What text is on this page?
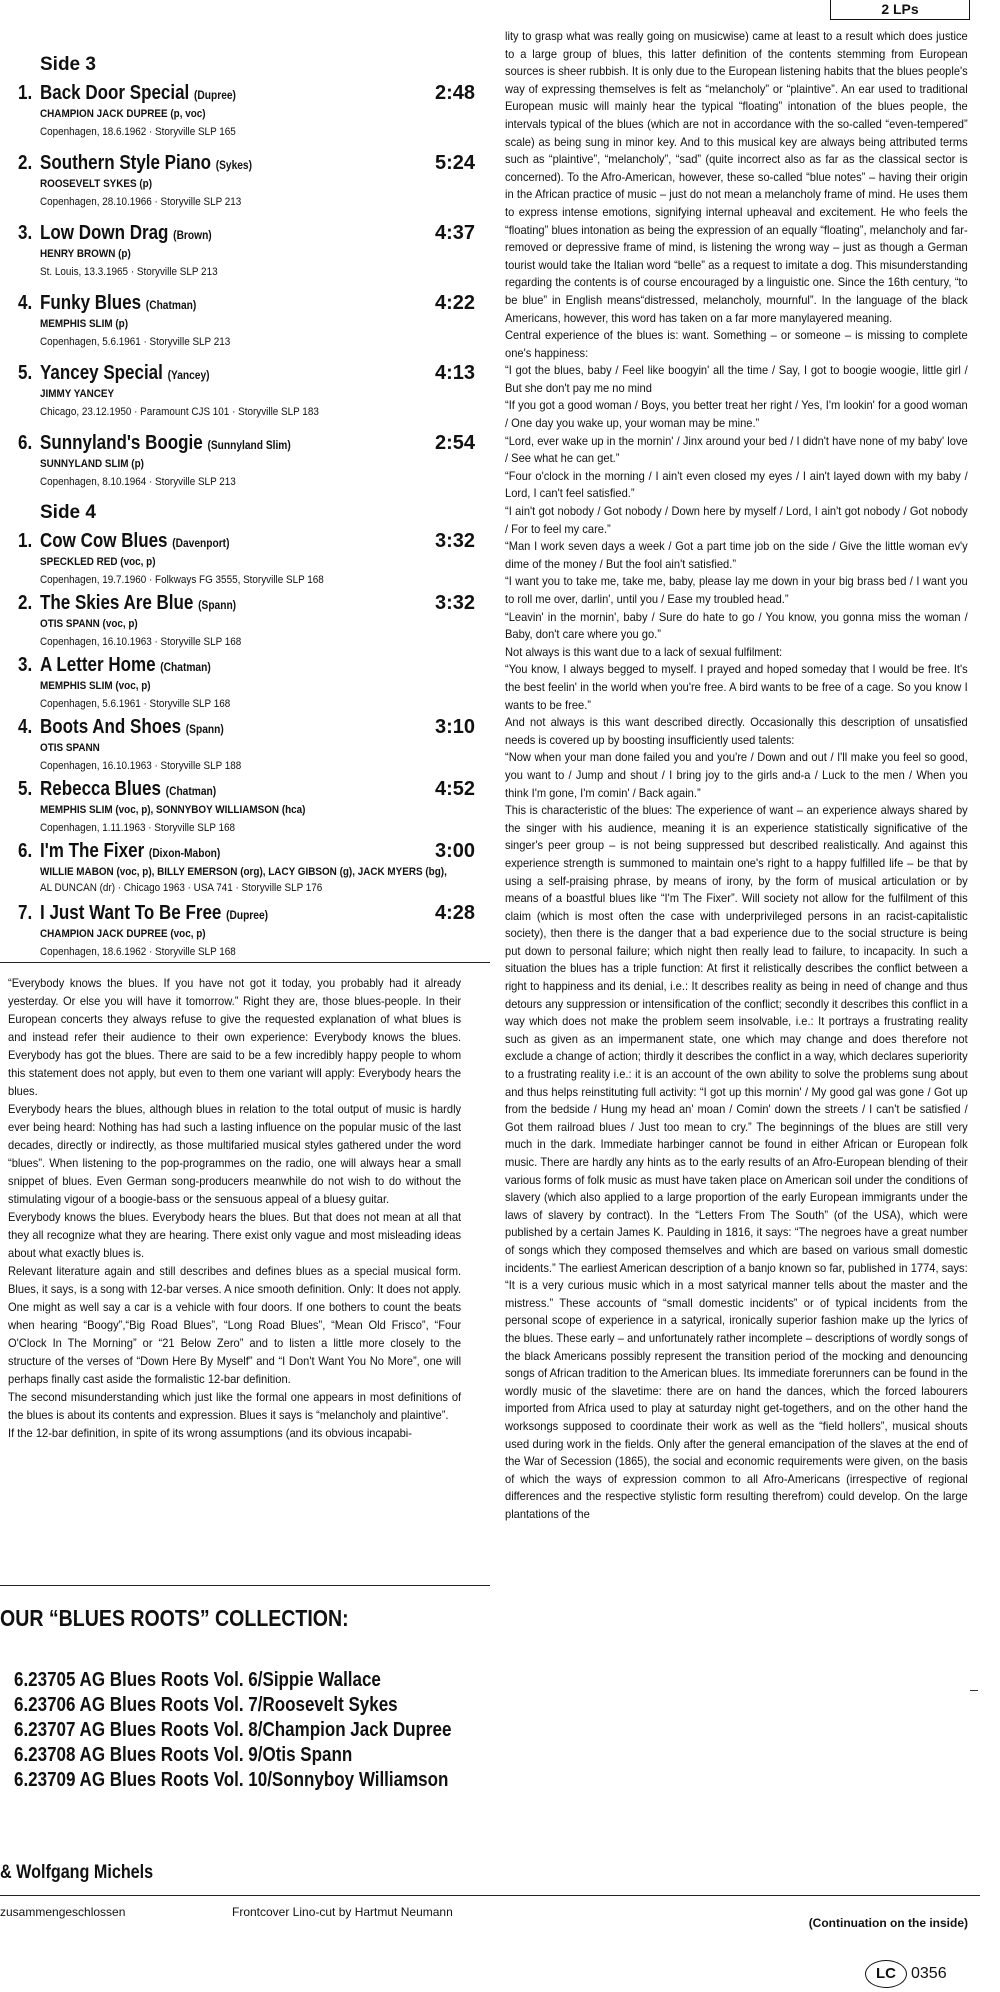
2 LPs
Side 3
1. Back Door Special (Dupree)	2:48
CHAMPION JACK DUPREE (p, voc)
Copenhagen, 18.6.1962 · Storyville SLP 165
2. Southern Style Piano (Sykes)	5:24
ROOSEVELT SYKES (p)
Copenhagen, 28.10.1966 · Storyville SLP 213
3. Low Down Drag (Brown)	4:37
HENRY BROWN (p)
St. Louis, 13.3.1965 · Storyville SLP 213
4. Funky Blues (Chatman)	4:22
MEMPHIS SLIM (p)
Copenhagen, 5.6.1961 · Storyville SLP 213
5. Yancey Special (Yancey)	4:13
JIMMY YANCEY
Chicago, 23.12.1950 · Paramount CJS 101 · Storyville SLP 183
6. Sunnyland's Boogie (Sunnyland Slim)	2:54
SUNNYLAND SLIM (p)
Copenhagen, 8.10.1964 · Storyville SLP 213
Side 4
1. Cow Cow Blues (Davenport)	3:32
SPECKLED RED (voc, p)
Copenhagen, 19.7.1960 · Folkways FG 3555, Storyville SLP 168
2. The Skies Are Blue (Spann)	3:32
OTIS SPANN (voc, p)
Copenhagen, 16.10.1963 · Storyville SLP 168
3. A Letter Home (Chatman)
MEMPHIS SLIM (voc, p)
Copenhagen, 5.6.1961 · Storyville SLP 168
4. Boots And Shoes (Spann)	3:10
OTIS SPANN
Copenhagen, 16.10.1963 · Storyville SLP 188
5. Rebecca Blues (Chatman)	4:52
MEMPHIS SLIM (voc, p), SONNYBOY WILLIAMSON (hca)
Copenhagen, 1.11.1963 · Storyville SLP 168
6. I'm The Fixer (Dixon-Mabon)	3:00
WILLIE MABON (voc, p), BILLY EMERSON (org), LACY GIBSON (g), JACK MYERS (bg),
AL DUNCAN (dr) · Chicago 1963 · USA 741 · Storyville SLP 176
7. I Just Want To Be Free (Dupree)	4:28
CHAMPION JACK DUPREE (voc, p)
Copenhagen, 18.6.1962 · Storyville SLP 168

“Everybody knows the blues. If you have not got it today, you probably had it already yesterday. Or else you will have it tomorrow.” Right they are, those blues-people. In their European concerts they always refuse to give the requested explanation of what blues is and instead refer their audience to their own experience: Everybody knows the blues. Everybody has got the blues. There are said to be a few incredibly happy people to whom this statement does not apply, but even to them one variant will apply: Everybody hears the blues.

Everybody hears the blues, although blues in relation to the total output of music is hardly ever being heard: Nothing has had such a lasting influence on the popular music of the last decades, directly or indirectly, as those multifaried musical styles gathered under the word “blues”. When listening to the pop-programmes on the radio, one will always hear a small snippet of blues. Even German song-producers meanwhile do not wish to do without the stimulating vigour of a boogie-bass or the sensuous appeal of a bluesy guitar.

Everybody knows the blues. Everybody hears the blues. But that does not mean at all that they all recognize what they are hearing. There exist only vague and most misleading ideas about what exactly blues is.

Relevant literature again and still describes and defines blues as a special musical form. Blues, it says, is a song with 12-bar verses. A nice smooth definition. Only: It does not apply. One might as well say a car is a vehicle with four doors. If one bothers to count the beats when hearing “Boogy”,“Big Road Blues”, “Long Road Blues”, “Mean Old Frisco”, “Four O'Clock In The Morning” or “21 Below Zero” and to listen a little more closely to the structure of the verses of “Down Here By Myself” and “I Don't Want You No More”, one will perhaps finally cast aside the formalistic 12-bar definition.

The second misunderstanding which just like the formal one appears in most definitions of the blues is about its contents and expression. Blues it says is “melancholy and plaintive”.

If the 12-bar definition, in spite of its wrong assumptions (and its obvious incapabi-

OUR “BLUES ROOTS” COLLECTION:
6.23705 AG Blues Roots Vol. 6/Sippie Wallace
6.23706 AG Blues Roots Vol. 7/Roosevelt Sykes
6.23707 AG Blues Roots Vol. 8/Champion Jack Dupree
6.23708 AG Blues Roots Vol. 9/Otis Spann
6.23709 AG Blues Roots Vol. 10/Sonnyboy Williamson
& Wolfgang Michels
zusammengeschlossen	Frontcover Lino-cut by Hartmut Neumann

lity to grasp what was really going on musicwise) came at least to a result which does justice to a large group of blues, this latter definition of the contents stemming from European sources is sheer rubbish. It is only due to the European listening habits that the blues people's way of expressing themselves is felt as “melancholy” or “plaintive”. An ear used to traditional European music will mainly hear the typical “floating” intonation of the blues people, the intervals typical of the blues (which are not in accordance with the so-called “even-tempered” scale) as being sung in minor key. And to this musical key are always being attributed terms such as “plaintive”, “melancholy”, “sad” (quite incorrect also as far as the classical sector is concerned). To the Afro-American, however, these so-called “blue notes” – having their origin in the African practice of music – just do not mean a melancholy frame of mind. He uses them to express intense emotions, signifying internal upheaval and excitement. He who feels the “floating” blues intonation as being the expression of an equally “floating”, melancholy and far-removed or depressive frame of mind, is listening the wrong way – just as though a German tourist would take the Italian word “belle” as a request to imitate a dog. This misunderstanding regarding the contents is of course encouraged by a linguistic one. Since the 16th century, “to be blue” in English means“distressed, melancholy, mournful”. In the language of the black Americans, however, this word has taken on a far more manylayered meaning.

Central experience of the blues is: want. Something – or someone – is missing to complete one's happiness:

“I got the blues, baby / Feel like boogyin' all the time / Say, I got to boogie woogie, little girl / But she don't pay me no mind

“If you got a good woman / Boys, you better treat her right / Yes, I'm lookin' for a good woman / One day you wake up, your woman may be mine.”

“Lord, ever wake up in the mornin' / Jinx around your bed / I didn't have none of my baby' love / See what he can get.”

“Four o'clock in the morning / I ain't even closed my eyes / I ain't layed down with my baby / Lord, I can't feel satisfied.”

“I ain't got nobody / Got nobody / Down here by myself / Lord, I ain't got nobody / Got nobody / For to feel my care.”

“Man I work seven days a week / Got a part time job on the side / Give the little woman ev'y dime of the money / But the fool ain't satisfied.”

“I want you to take me, take me, baby, please lay me down in your big brass bed / I want you to roll me over, darlin', until you / Ease my troubled head.”

“Leavin' in the mornin', baby / Sure do hate to go / You know, you gonna miss the woman / Baby, don't care where you go.”

Not always is this want due to a lack of sexual fulfilment:

“You know, I always begged to myself. I prayed and hoped someday that I would be free. It's the best feelin' in the world when you're free. A bird wants to be free of a cage. So you know I wants to be free.”

And not always is this want described directly. Occasionally this description of unsatisfied needs is covered up by boosting insufficiently used talents:

“Now when your man done failed you and you're / Down and out / I'll make you feel so good, you want to / Jump and shout / I bring joy to the girls and-a / Luck to the men / When you think I'm gone, I'm comin' / Back again.”

This is characteristic of the blues: The experience of want – an experience always shared by the singer with his audience, meaning it is an experience statistically significative of the singer's peer group – is not being suppressed but described realistically. And against this experience strength is summoned to maintain one's right to a happy fulfilled life – be that by using a self-praising phrase, by means of irony, by the form of musical articulation or by means of a boastful blues like “I'm The Fixer”. Will society not allow for the fulfilment of this claim (which is most often the case with underprivileged persons in an racist-capitalistic society), then there is the danger that a bad experience due to the social structure is being put down to personal failure; which night then really lead to failure, to incapacity. In such a situation the blues has a triple function: At first it relistically describes the conflict between a right to happiness and its denial, i.e.: It describes reality as being in need of change and thus detours any suppression or intensification of the conflict; secondly it describes this conflict in a way which does not make the problem seem insolvable, i.e.: It portrays a frustrating reality such as given as an impermanent state, one which may change and does therefore not exclude a change of action; thirdly it describes the conflict in a way, which declares superiority to a frustrating reality i.e.: it is an account of the own ability to solve the problems sung about and thus helps reinstituting full activity: “I got up this mornin' / My good gal was gone / Got up from the bedside / Hung my head an' moan / Comin' down the streets / I can't be satisfied / Got them railroad blues / Just too mean to cry.” The beginnings of the blues are still very much in the dark. Immediate harbinger cannot be found in either African or European folk music. There are hardly any hints as to the early results of an Afro-European blending of their various forms of folk music as must have taken place on American soil under the conditions of slavery (which also applied to a large proportion of the early European immigrants under the laws of slavery by contract). In the “Letters From The South” (of the USA), which were published by a certain James K. Paulding in 1816, it says: “The negroes have a great number of songs which they composed themselves and which are based on various small domestic incidents.” The earliest American description of a banjo known so far, published in 1774, says: “It is a very curious music which in a most satyrical manner tells about the master and the mistress.” These accounts of “small domestic incidents” or of typical incidents from the personal scope of experience in a satyrical, ironically superior fashion make up the lyrics of the blues. These early – and unfortunately rather incomplete – descriptions of wordly songs of the black Americans possibly represent the transition period of the mocking and denouncing songs of African tradition to the American blues. Its immediate forerunners can be found in the wordly music of the slavetime: there are on hand the dances, which the forced labourers imported from Africa used to play at saturday night get-togethers, and on the other hand the worksongs supposed to coordinate their work as well as the “field hollers”, musical shouts used during work in the fields. Only after the general emancipation of the slaves at the end of the War of Secession (1865), the social and economic requirements were given, on the basis of which the ways of expression common to all Afro-Americans (irrespective of regional differences and the respective stylistic form resulting therefrom) could develop. On the large plantations of the

(Continuation on the inside)
LC 0356
